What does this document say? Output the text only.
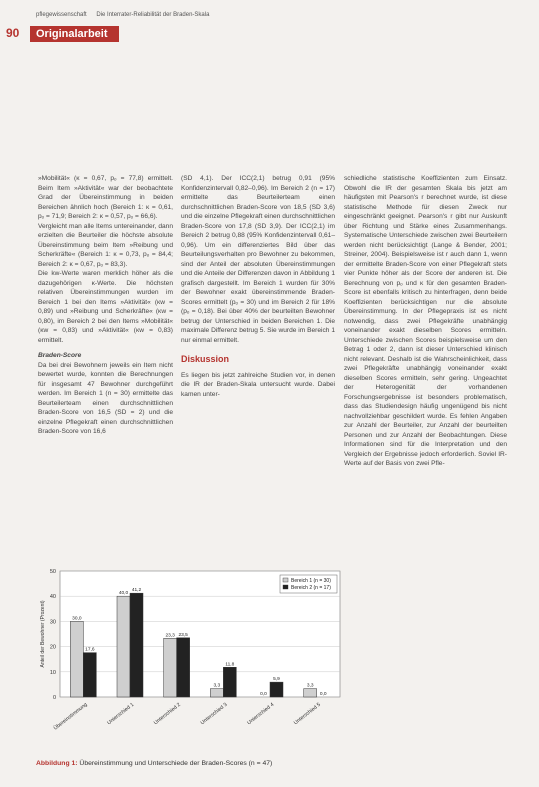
pflegewissenschaft Die Interrater-Reliabilität der Braden-Skala
90	Originalarbeit

»Mobilität« (κ = 0,67, pₒ = 77,8) ermittelt. Beim Item »Aktivität« war der beobachtete Grad der Übereinstimmung in beiden Bereichen ähnlich hoch (Bereich 1: κ = 0,61, pₒ = 71,9; Bereich 2: κ = 0,57, pₒ = 66,6).

Vergleicht man alle Items untereinander, dann erzielten die Beurteiler die höchste absolute Übereinstimmung beim Item »Reibung und Scherkräfte« (Bereich 1: κ = 0,73, pₒ = 84,4; Bereich 2: κ = 0,67, pₒ = 83,3).

Die kw-Werte waren merklich höher als die dazugehörigen κ-Werte. Die höchsten relativen Übereinstimmungen wurden im Bereich 1 bei den Items »Aktivität« (κw = 0,89) und »Reibung und Scherkräfte« (κw = 0,80), im Bereich 2 bei den Items »Mobilität« (κw = 0,83) und »Aktivität« (κw = 0,83) ermittelt.

Braden-Score

Da bei drei Bewohnern jeweils ein Item nicht bewertet wurde, konnten die Berechnungen für insgesamt 47 Bewohner durchgeführt werden. Im Bereich 1 (n = 30) ermittelte das Beurteilerteam einen durchschnittlichen Braden-Score von 16,5 (SD = 2) und die einzelne Pflegekraft einen durchschnittlichen Braden-Score von 16,6

(SD 4,1). Der ICC(2,1) betrug 0,91 (95% Konfidenzintervall 0,82–0,96). Im Bereich 2 (n = 17) ermittelte das Beurteilerteam einen durchschnittlichen Braden-Score von 18,5 (SD 3,6) und die einzelne Pflegekraft einen durchschnittlichen Braden-Score von 17,8 (SD 3,9). Der ICC(2,1) im Bereich 2 betrug 0,88 (95% Konfidenzintervall 0,61–0,96). Um ein differenziertes Bild über das Beurteilungsverhalten pro Bewohner zu bekommen, sind der Anteil der absoluten Übereinstimmungen und die Anteile der Differenzen davon in Abbildung 1 grafisch dargestellt. Im Bereich 1 wurden für 30% der Bewohner exakt übereinstimmende Braden-Scores ermittelt (pₒ = 30) und im Bereich 2 für 18% (pₒ = 0,18). Bei über 40% der beurteilten Bewohner betrug der Unterschied in beiden Bereichen 1. Die maximale Differenz betrug 5. Sie wurde im Bereich 1 nur einmal ermittelt.

Diskussion

Es liegen bis jetzt zahlreiche Studien vor, in denen die IR der Braden-Skala untersucht wurde. Dabei kamen unter-

schiedliche statistische Koeffizienten zum Einsatz. Obwohl die IR der gesamten Skala bis jetzt am häufigsten mit Pearson's r berechnet wurde, ist diese statistische Methode für diesen Zweck nur eingeschränkt geeignet. Pearson's r gibt nur Auskunft über Richtung und Stärke eines Zusammenhangs. Systematische Unterschiede zwischen zwei Beurteilern werden nicht berücksichtigt (Lange & Bender, 2001; Streiner, 2004). Beispielsweise ist r auch dann 1, wenn der ermittelte Braden-Score von einer Pflegekraft stets vier Punkte höher als der Score der anderen ist. Die Berechnung von pₒ und κ für den gesamten Braden-Score ist ebenfalls kritisch zu hinterfragen, denn beide Koeffizienten berücksichtigen nur die absolute Übereinstimmung. In der Pflegepraxis ist es nicht notwendig, dass zwei Pflegekräfte unabhängig voneinander exakt dieselben Scores ermitteln. Unterschiede zwischen Scores beispielsweise um den Betrag 1 oder 2, dann ist dieser Unterschied klinisch nicht relevant. Deshalb ist die Wahrscheinlichkeit, dass zwei Pflegekräfte unabhängig voneinander exakt dieselben Scores ermitteln, sehr gering. Ungeachtet der Heterogenität der vorhandenen Forschungsergebnisse ist besonders problematisch, dass das Studiendesign häufig ungenügend bis nicht nachvollziehbar geschildert wurde. Es fehlen Angaben zur Anzahl der Beurteiler, zur Anzahl der beurteilten Personen und zur Anzahl der Beobachtungen. Diese Informationen sind für die Interpretation und den Vergleich der Ergebnisse jedoch erforderlich. Soviel IR-Werte auf der Basis von zwei Pfle-

0
10
20
30
40
50
Anteil der Bewohner (Prozent)	30,0
17,6
Übereinstimmung
40,0
41,2
Unterschied 1
23,3 23,5
Unterschied 2
3,3
11,8
Unterschied 3
0,0
5,9
Unterschied 4
3,3
0,0
Unterschied 5
Bereich 1 (n = 30)
Bereich 2 (n = 17)
Abbildung 1: Übereinstimmung und Unterschiede der Braden-Scores (n = 47)
